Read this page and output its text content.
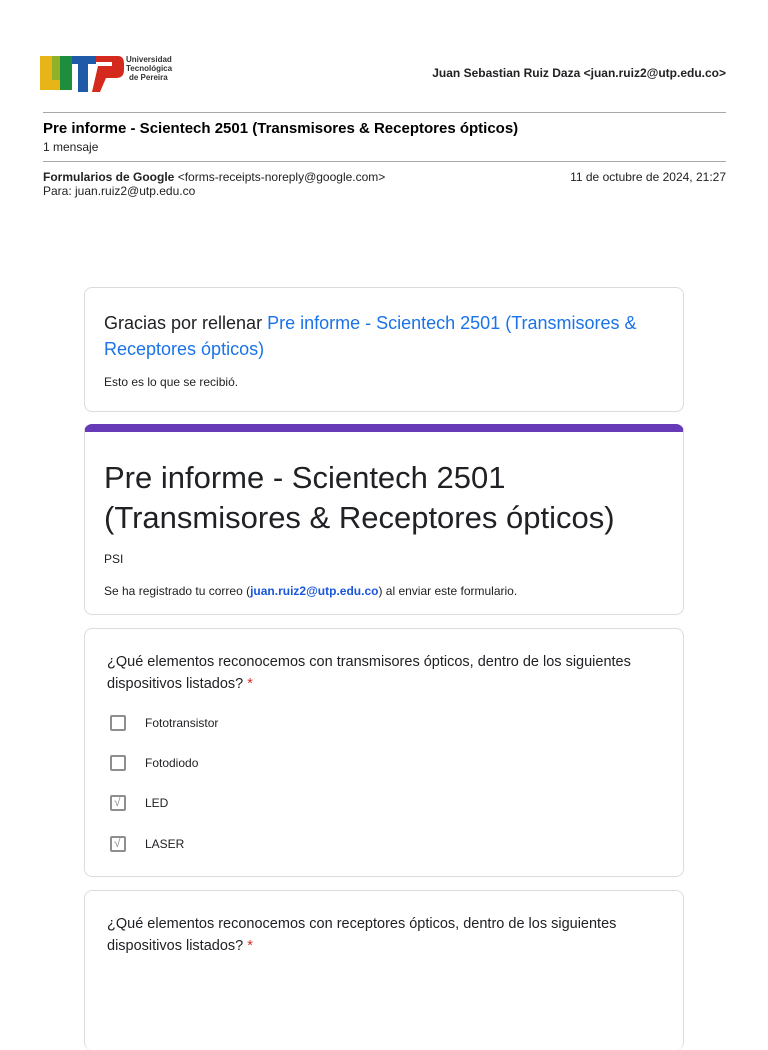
Universidad
Tecnológica
de Pereira	Juan Sebastian Ruiz Daza <juan.ruiz2@utp.edu.co>
Pre informe - Scientech 2501 (Transmisores & Receptores ópticos)
1 mensaje
Formularios de Google <forms-receipts-noreply@google.com>
Para: juan.ruiz2@utp.edu.co
11 de octubre de 2024, 21:27
Gracias por rellenar Pre informe - Scientech 2501 (Transmisores & Receptores ópticos)
Esto es lo que se recibió.
Pre informe - Scientech 2501 (Transmisores & Receptores ópticos)
PSI
Se ha registrado tu correo (juan.ruiz2@utp.edu.co) al enviar este formulario.
¿Qué elementos reconocemos con transmisores ópticos, dentro de los siguientes dispositivos listados? *
Fototransistor
Fotodiodo
√ LED
√ LASER
¿Qué elementos reconocemos con receptores ópticos, dentro de los siguientes dispositivos listados? *
